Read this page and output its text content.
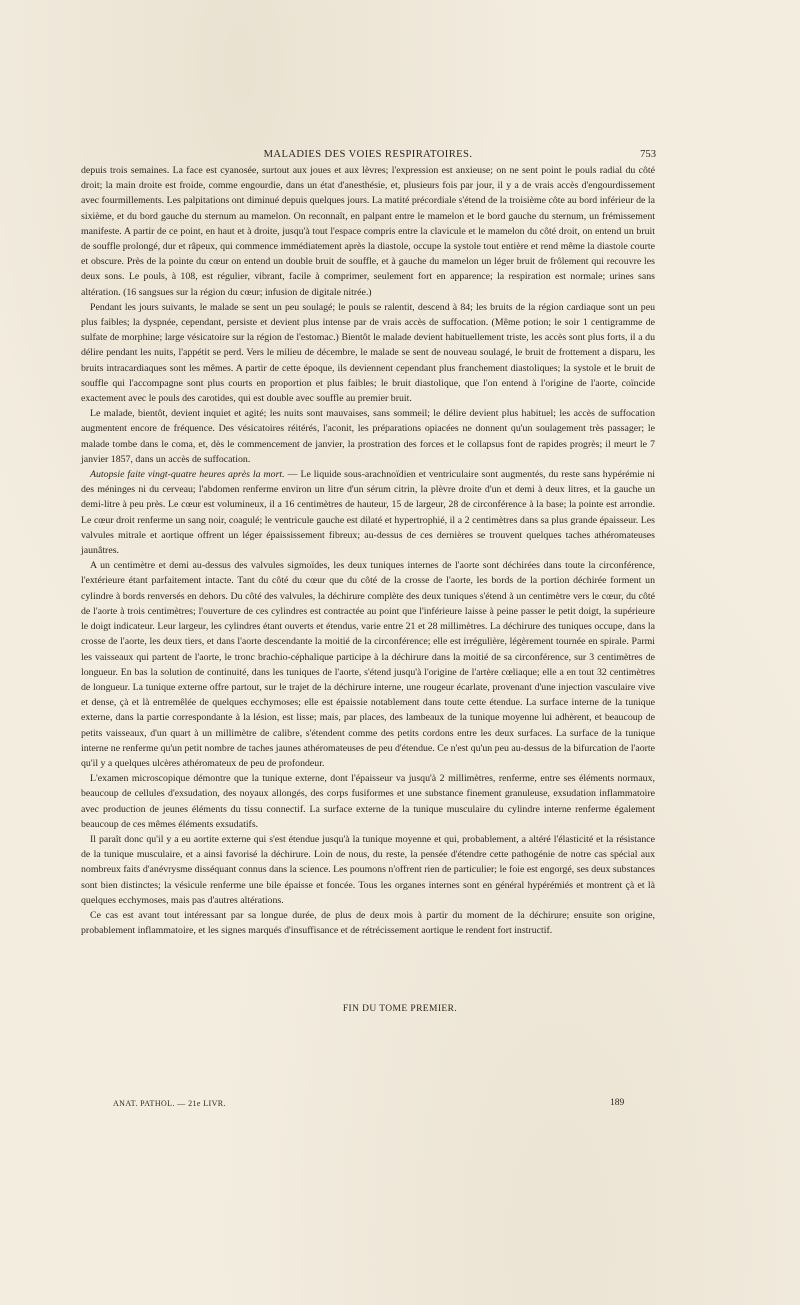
MALADIES DES VOIES RESPIRATOIRES.	753

depuis trois semaines. La face est cyanosée, surtout aux joues et aux lèvres; l'expression est anxieuse; on ne sent point le pouls radial du côté droit; la main droite est froide, comme engourdie, dans un état d'anesthésie, et, plusieurs fois par jour, il y a de vrais accès d'engourdissement avec fourmillements. Les palpitations ont diminué depuis quelques jours. La matité précordiale s'étend de la troisième côte au bord inférieur de la sixième, et du bord gauche du sternum au mamelon. On reconnaît, en palpant entre le mamelon et le bord gauche du sternum, un frémissement manifeste. A partir de ce point, en haut et à droite, jusqu'à tout l'espace compris entre la clavicule et le mamelon du côté droit, on entend un bruit de souffle prolongé, dur et râpeux, qui commence immédiatement après la diastole, occupe la systole tout entière et rend même la diastole courte et obscure. Près de la pointe du cœur on entend un double bruit de souffle, et à gauche du mamelon un léger bruit de frôlement qui recouvre les deux sons. Le pouls, à 108, est régulier, vibrant, facile à comprimer, seulement fort en apparence; la respiration est normale; urines sans altération. (16 sangsues sur la région du cœur; infusion de digitale nitrée.)

Pendant les jours suivants, le malade se sent un peu soulagé; le pouls se ralentit, descend à 84; les bruits de la région cardiaque sont un peu plus faibles; la dyspnée, cependant, persiste et devient plus intense par de vrais accès de suffocation. (Même potion; le soir 1 centigramme de sulfate de morphine; large vésicatoire sur la région de l'estomac.) Bientôt le malade devient habituellement triste, les accès sont plus forts, il a du délire pendant les nuits, l'appétit se perd. Vers le milieu de décembre, le malade se sent de nouveau soulagé, le bruit de frottement a disparu, les bruits intracardiaques sont les mêmes. A partir de cette époque, ils deviennent cependant plus franchement diastoliques; la systole et le bruit de souffle qui l'accompagne sont plus courts en proportion et plus faibles; le bruit diastolique, que l'on entend à l'origine de l'aorte, coïncide exactement avec le pouls des carotides, qui est double avec souffle au premier bruit.

Le malade, bientôt, devient inquiet et agité; les nuits sont mauvaises, sans sommeil; le délire devient plus habituel; les accès de suffocation augmentent encore de fréquence. Des vésicatoires réitérés, l'aconit, les préparations opiacées ne donnent qu'un soulagement très passager; le malade tombe dans le coma, et, dès le commencement de janvier, la prostration des forces et le collapsus font de rapides progrès; il meurt le 7 janvier 1857, dans un accès de suffocation.

Autopsie faite vingt-quatre heures après la mort. — Le liquide sous-arachnoïdien et ventriculaire sont augmentés, du reste sans hypérémie ni des méninges ni du cerveau; l'abdomen renferme environ un litre d'un sérum citrin, la plèvre droite d'un et demi à deux litres, et la gauche un demi-litre à peu près. Le cœur est volumineux, il a 16 centimètres de hauteur, 15 de largeur, 28 de circonférence à la base; la pointe est arrondie. Le cœur droit renferme un sang noir, coagulé; le ventricule gauche est dilaté et hypertrophié, il a 2 centimètres dans sa plus grande épaisseur. Les valvules mitrale et aortique offrent un léger épaississement fibreux; au-dessus de ces dernières se trouvent quelques taches athéromateuses jaunâtres.

A un centimètre et demi au-dessus des valvules sigmoïdes, les deux tuniques internes de l'aorte sont déchirées dans toute la circonférence, l'extérieure étant parfaitement intacte. Tant du côté du cœur que du côté de la crosse de l'aorte, les bords de la portion déchirée forment un cylindre à bords renversés en dehors. Du côté des valvules, la déchirure complète des deux tuniques s'étend à un centimètre vers le cœur, du côté de l'aorte à trois centimètres; l'ouverture de ces cylindres est contractée au point que l'inférieure laisse à peine passer le petit doigt, la supérieure le doigt indicateur. Leur largeur, les cylindres étant ouverts et étendus, varie entre 21 et 28 millimètres. La déchirure des tuniques occupe, dans la crosse de l'aorte, les deux tiers, et dans l'aorte descendante la moitié de la circonférence; elle est irrégulière, légèrement tournée en spirale. Parmi les vaisseaux qui partent de l'aorte, le tronc brachio-céphalique participe à la déchirure dans la moitié de sa circonférence, sur 3 centimètres de longueur. En bas la solution de continuité, dans les tuniques de l'aorte, s'étend jusqu'à l'origine de l'artère cœliaque; elle a en tout 32 centimètres de longueur. La tunique externe offre partout, sur le trajet de la déchirure interne, une rougeur écarlate, provenant d'une injection vasculaire vive et dense, çà et là entremêlée de quelques ecchymoses; elle est épaissie notablement dans toute cette étendue. La surface interne de la tunique externe, dans la partie correspondante à la lésion, est lisse; mais, par places, des lambeaux de la tunique moyenne lui adhèrent, et beaucoup de petits vaisseaux, d'un quart à un millimètre de calibre, s'étendent comme des petits cordons entre les deux surfaces. La surface de la tunique interne ne renferme qu'un petit nombre de taches jaunes athéromateuses de peu d'étendue. Ce n'est qu'un peu au-dessus de la bifurcation de l'aorte qu'il y a quelques ulcères athéromateux de peu de profondeur.

L'examen microscopique démontre que la tunique externe, dont l'épaisseur va jusqu'à 2 millimètres, renferme, entre ses éléments normaux, beaucoup de cellules d'exsudation, des noyaux allongés, des corps fusiformes et une substance finement granuleuse, exsudation inflammatoire avec production de jeunes éléments du tissu connectif. La surface externe de la tunique musculaire du cylindre interne renferme également beaucoup de ces mêmes éléments exsudatifs.

Il paraît donc qu'il y a eu aortite externe qui s'est étendue jusqu'à la tunique moyenne et qui, probablement, a altéré l'élasticité et la résistance de la tunique musculaire, et a ainsi favorisé la déchirure. Loin de nous, du reste, la pensée d'étendre cette pathogénie de notre cas spécial aux nombreux faits d'anévrysme disséquant connus dans la science. Les poumons n'offrent rien de particulier; le foie est engorgé, ses deux substances sont bien distinctes; la vésicule renferme une bile épaisse et foncée. Tous les organes internes sont en général hypérémiés et montrent çà et là quelques ecchymoses, mais pas d'autres altérations.

Ce cas est avant tout intéressant par sa longue durée, de plus de deux mois à partir du moment de la déchirure; ensuite son origine, probablement inflammatoire, et les signes marqués d'insuffisance et de rétrécissement aortique le rendent fort instructif.

FIN DU TOME PREMIER.
ANAT. PATHOL. — 21e LIVR.	189
